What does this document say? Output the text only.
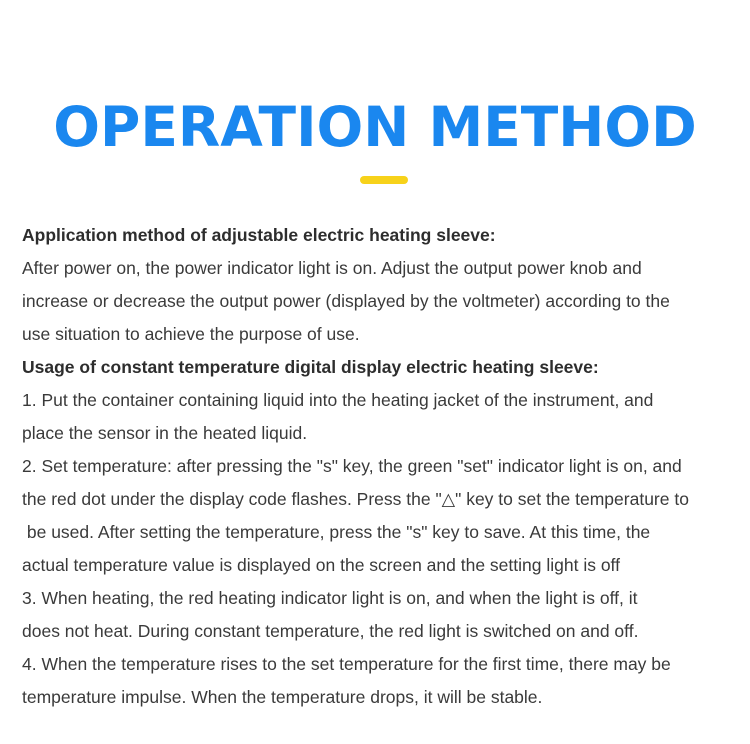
OPERATION METHOD

Application method of adjustable electric heating sleeve:

After power on, the power indicator light is on. Adjust the output power knob and

increase or decrease the output power (displayed by the voltmeter) according to the

use situation to achieve the purpose of use.

Usage of constant temperature digital display electric heating sleeve:

1. Put the container containing liquid into the heating jacket of the instrument, and

place the sensor in the heated liquid.

2. Set temperature: after pressing the "s" key, the green "set" indicator light is on, and

the red dot under the display code flashes. Press the "△" key to set the temperature to

be used. After setting the temperature, press the "s" key to save. At this time, the

actual temperature value is displayed on the screen and the setting light is off

3. When heating, the red heating indicator light is on, and when the light is off, it

does not heat. During constant temperature, the red light is switched on and off.

4. When the temperature rises to the set temperature for the first time, there may be

temperature impulse. When the temperature drops, it will be stable.
